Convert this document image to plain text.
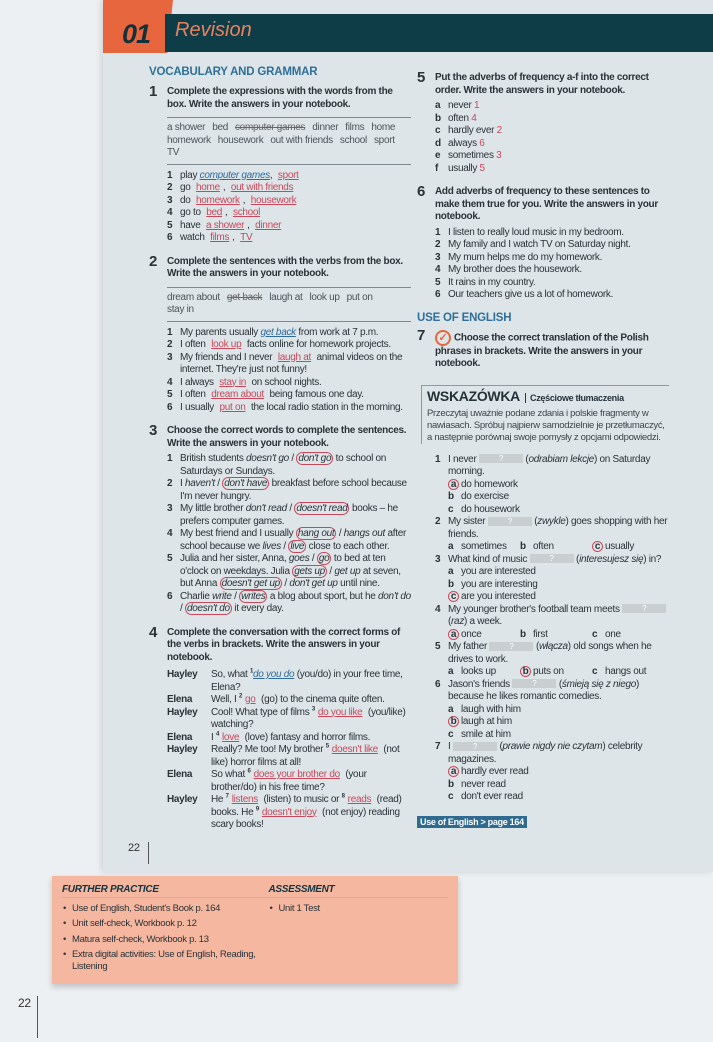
01 Revision
VOCABULARY AND GRAMMAR
1 Complete the expressions with the words from the box. Write the answers in your notebook.
a shower bed computer games dinner films homehomework housework out with friends school sportTV
1 play computer games, sport
2 go home , out with friends
3 do homework , housework
4 go to bed , school
5 have a shower , dinner
6 watch films , TV
2 Complete the sentences with the verbs from the box. Write the answers in your notebook.
dream about get back laugh at look up put onstay in
1 My parents usually get back from work at 7 p.m.
2 I often look up facts online for homework projects.
3 My friends and I never laugh at animal videos on the internet. They're just not funny!
4 I always stay in on school nights.
5 I often dream about being famous one day.
6 I usually put on the local radio station in the morning.
3 Choose the correct words to complete the sentences. Write the answers in your notebook.
1 British students doesn't go / don't go to school on Saturdays or Sundays.
2 I haven't / don't have breakfast before school because I'm never hungry.
3 My little brother don't read / doesn't read books – he prefers computer games.
4 My best friend and I usually hang out / hangs out after school because we lives / live close to each other.
5 Julia and her sister, Anna, goes / go to bed at ten o'clock on weekdays. Julia gets up / get up at seven, but Anna doesn't get up / don't get up until nine.
6 Charlie write / writes a blog about sport, but he don't do / doesn't do it every day.
4 Complete the conversation with the correct forms of the verbs in brackets. Write the answers in your notebook.
Hayley	So, what $^1$do you do (you/do) in your free time, Elena?
Elena	Well, I $^2$ go (go) to the cinema quite often.
Hayley	Cool! What type of films $^3$ do you like (you/like) watching?
Elena	I $^4$ love (love) fantasy and horror films.
Hayley	Really? Me too! My brother $^5$ doesn't like (not like) horror films at all!
Elena	So what $^6$ does your brother do (your brother/do) in his free time?
Hayley	He $^7$ listens (listen) to music or $^8$ reads (read) books. He $^9$ doesn't enjoy (not enjoy) reading scary books!
5 Put the adverbs of frequency a-f into the correct order. Write the answers in your notebook.
a never 1
b often 4
c hardly ever 2
d always 6
e sometimes 3
f usually 5
6 Add adverbs of frequency to these sentences to make them true for you. Write the answers in your notebook.
1 I listen to really loud music in my bedroom.
2 My family and I watch TV on Saturday night.
3 My mum helps me do my homework.
4 My brother does the housework.
5 It rains in my country.
6 Our teachers give us a lot of homework.
USE OF ENGLISH
7	✓ Choose the correct translation of the Polish phrases in brackets. Write the answers in your notebook.
WSKAZÓWKA Częściowe tłumaczenia
Przeczytaj uważnie podane zdania i polskie fragmenty w nawiasach. Spróbuj najpierw samodzielnie je przetłumaczyć, a następnie porównaj swoje pomysły z opcjami odpowiedzi.
1 I never ? (odrabiam lekcje) on Saturday morning.
a do homework
b do exercise
c do housework
2 My sister ? (zwykle) goes shopping with her friends.
a sometimes	b often	c usually
3 What kind of music ? (interesujesz się) in?
a you are interested
b you are interesting
c are you interested
4 My younger brother's football team meets ? (raz) a week.
a once	b first	c one
5 My father ? (włącza) old songs when he drives to work.
a looks up	b puts on	c hangs out
6 Jason's friends ? (śmieją się z niego) because he likes romantic comedies.
a laugh with him
b laugh at him
c smile at him
7 I ? (prawie nigdy nie czytam) celebrity magazines.
a hardly ever read
b never read
c don't ever read
Use of English > page 164
22
FURTHER PRACTICE
• Use of English, Student's Book p. 164
• Unit self-check, Workbook p. 12
• Matura self-check, Workbook p. 13
• Extra digital activities: Use of English, Reading, Listening
ASSESSMENT
• Unit 1 Test
22
